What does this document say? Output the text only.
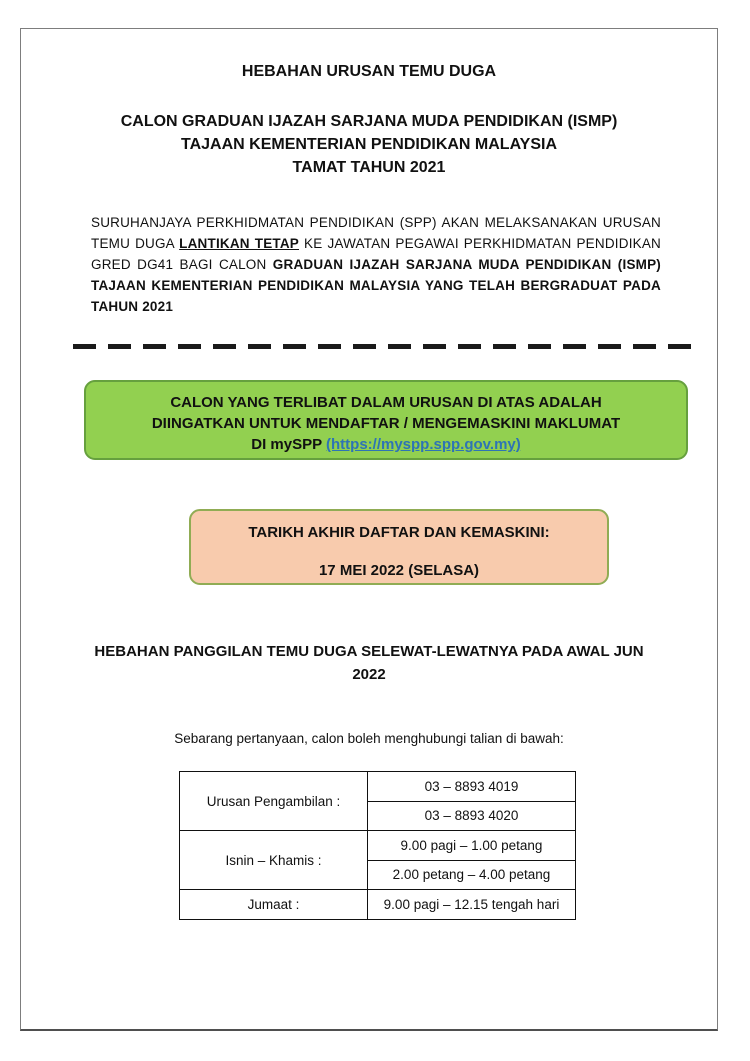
HEBAHAN URUSAN TEMU DUGA
CALON GRADUAN IJAZAH SARJANA MUDA PENDIDIKAN (ISMP)
TAJAAN KEMENTERIAN PENDIDIKAN MALAYSIA
TAMAT TAHUN 2021
SURUHANJAYA PERKHIDMATAN PENDIDIKAN (SPP) AKAN MELAKSANAKAN URUSAN TEMU DUGA LANTIKAN TETAP KE JAWATAN PEGAWAI PERKHIDMATAN PENDIDIKAN GRED DG41 BAGI CALON GRADUAN IJAZAH SARJANA MUDA PENDIDIKAN (ISMP) TAJAAN KEMENTERIAN PENDIDIKAN MALAYSIA YANG TELAH BERGRADUAT PADA TAHUN 2021
CALON YANG TERLIBAT DALAM URUSAN DI ATAS ADALAH
DIINGATKAN UNTUK MENDAFTAR / MENGEMASKINI MAKLUMAT
DI mySPP (https://myspp.spp.gov.my)
TARIKH AKHIR DAFTAR DAN KEMASKINI:
17 MEI 2022 (SELASA)
HEBAHAN PANGGILAN TEMU DUGA SELEWAT-LEWATNYA PADA AWAL JUN
2022
Sebarang pertanyaan, calon boleh menghubungi talian di bawah:
Urusan Pengambilan :	03 – 8893 4019
	03 – 8893 4020
Isnin – Khamis :	9.00 pagi – 1.00 petang
	2.00 petang – 4.00 petang
Jumaat :	9.00 pagi – 12.15 tengah hari
